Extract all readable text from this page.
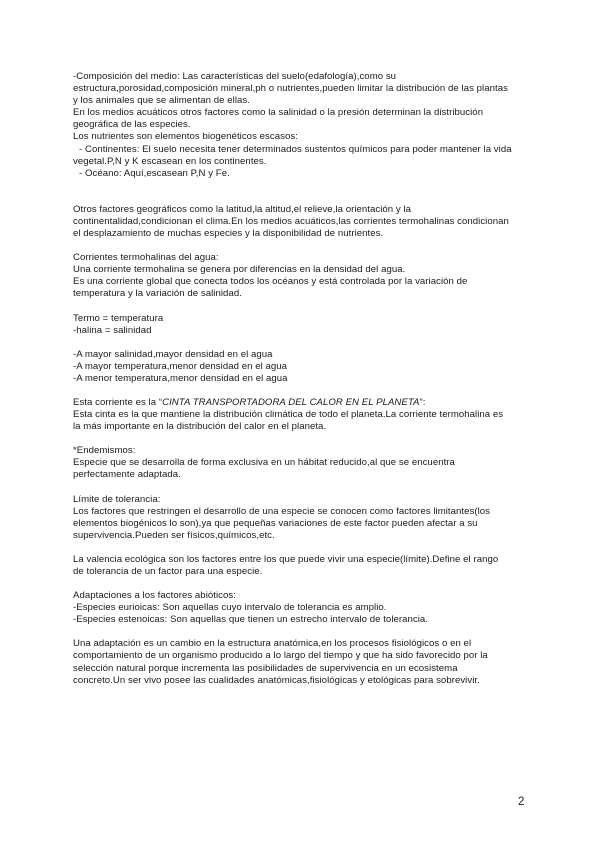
-Composición del medio: Las características del suelo(edafología),como su

estructura,porosidad,composición mineral,ph o nutrientes,pueden limitar la distribución de las plantas

y los animales que se alimentan de ellas.

En los medios acuáticos otros factores como la salinidad o la presión determinan la distribución

geográfica de las especies.

Los nutrientes son elementos biogenéticos escasos:

- Continentes: El suelo necesita tener determinados sustentos químicos para poder mantener la vida

vegetal.P,N y K escasean en los continentes.

- Océano: Aquí,escasean P,N y Fe.

Otros factores geográficos como la latitud,la altitud,el relieve,la orientación y la

continentalidad,condicionan el clima.En los medios acuáticos,las corrientes termohalinas condicionan

el desplazamiento de muchas especies y la disponibilidad de nutrientes.

Corrientes termohalinas del agua:

Una corriente termohalina se genera por diferencias en la densidad del agua.

Es una corriente global que conecta todos los océanos y está controlada por la variación de

temperatura y la variación de salinidad.

Termo = temperatura

-halina = salinidad

-A mayor salinidad,mayor densidad en el agua

-A mayor temperatura,menor densidad en el agua

-A menor temperatura,menor densidad en el agua

Esta corriente es la “CINTA TRANSPORTADORA DEL CALOR EN EL PLANETA”:

Esta cinta es la que mantiene la distribución climática de todo el planeta.La corriente termohalina es

la más importante en la distribución del calor en el planeta.

*Endemismos:

Especie que se desarrolla de forma exclusiva en un hábitat reducido,al que se encuentra

perfectamente adaptada.

Límite de tolerancia:

Los factores que restringen el desarrollo de una especie se conocen como factores limitantes(los

elementos biogénicos lo son),ya que pequeñas variaciones de este factor pueden afectar a su

supervivencia.Pueden ser físicos,químicos,etc.

La valencia ecológica son los factores entre los que puede vivir una especie(límite).Define el rango

de tolerancia de un factor para una especie.

Adaptaciones a los factores abióticos:

-Especies eurioicas: Son aquellas cuyo intervalo de tolerancia es amplio.

-Especies estenoicas: Son aquellas que tienen un estrecho intervalo de tolerancia.

Una adaptación es un cambio en la estructura anatómica,en los procesos fisiológicos o en el

comportamiento de un organismo producido a lo largo del tiempo y que ha sido favorecido por la

selección natural porque incrementa las posibilidades de supervivencia en un ecosistema

concreto.Un ser vivo posee las cualidades anatómicas,fisiológicas y etológicas para sobrevivir.

2
